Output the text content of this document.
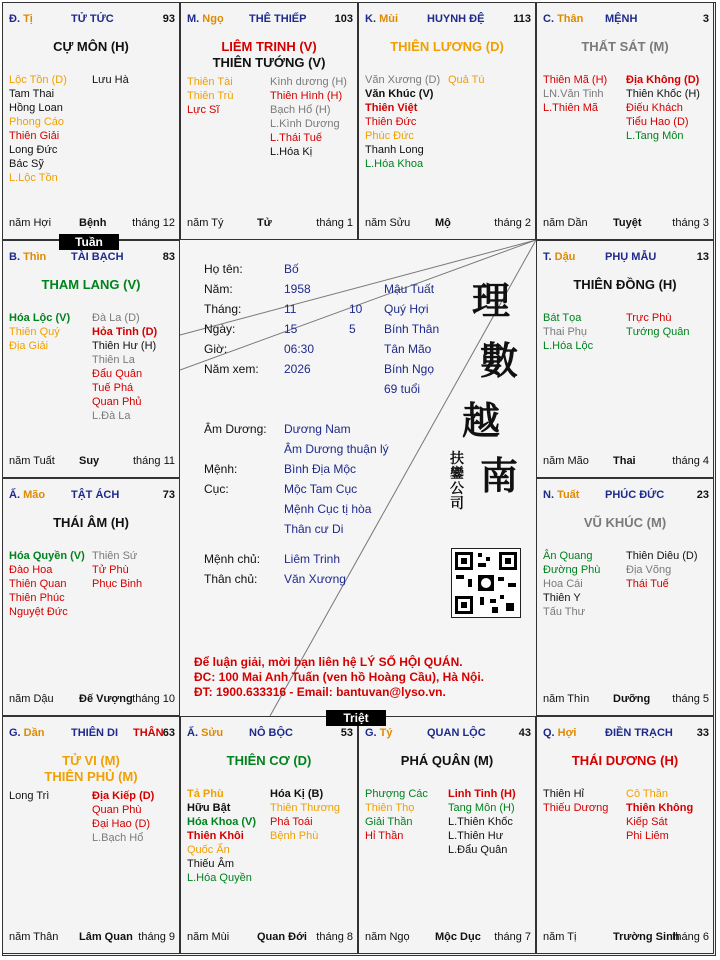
Đ. Tị	TỬ TỨC	93
CỰ MÔN (H)
Lộc Tồn (D)
Tam Thai
Hồng Loan
Phong Cáo
Thiên Giải
Long Đức
Bác Sỹ
L.Lộc Tồn
Lưu Hà
năm Hợi	Bệnh tháng 12
M. Ngọ THÊ THIẾP	103
LIÊM TRINH (V)
THIÊN TƯỚNG (V)
Thiên Tài
Thiên Trù
Lực Sĩ
Kình dương (H)
Thiên Hình (H)
Bạch Hổ (H)
L.Kình Dương
L.Thái Tuế
L.Hóa Kị
năm Tý	Tử	tháng 1
K. Mùi	HUYNH ĐỆ	113
THIÊN LƯƠNG (D)
Văn Xương (D)
Văn Khúc (V)
Thiên Việt
Thiên Đức
Phúc Đức
Thanh Long
L.Hóa Khoa
Quả Tú
năm Sửu Mộ	tháng 2
C. Thân MỆNH	3
THẤT SÁT (M)
Thiên Mã (H)
LN.Văn Tinh
L.Thiên Mã
Địa Không (D)
Thiên Khốc (H)
Điếu Khách
Tiểu Hao (D)
L.Tang Môn
năm Dần Tuyệt	tháng 3
B. Thìn TÀI BẠCH	83
THAM LANG (V)
Hóa Lộc (V)
Thiên Quý
Địa Giải
Đà La (D)
Hỏa Tinh (D)
Thiên Hư (H)
Thiên La
Đẩu Quân
Tuế Phá
Quan Phủ
L.Đà La
năm Tuất Suy	tháng 11
T. Dậu	PHỤ MẪU	13
THIÊN ĐỒNG (H)
Bát Tọa
Thai Phụ
L.Hóa Lộc
Trực Phù
Tướng Quân
năm Mão Thai	tháng 4
Ấ. Mão TẬT ÁCH	73
THÁI ÂM (H)
Hóa Quyền (V)
Đào Hoa
Thiên Quan
Thiên Phúc
Nguyệt Đức
Thiên Sứ
Tử Phù
Phục Binh
năm Dậu Đế Vượng tháng 10
N. Tuất PHÚC ĐỨC	23
VŨ KHÚC (M)
Ân Quang
Đường Phù
Hoa Cái
Thiên Y
Tấu Thư
Thiên Diêu (D)
Địa Võng
Thái Tuế
năm Thìn Dưỡng tháng 5
G. Dần THIÊN DI THÂN 63
TỬ VI (M)
THIÊN PHỦ (M)
Long Trì	Địa Kiếp (D)
Quan Phù
Đại Hao (D)
L.Bạch Hổ
năm Thân Lâm Quan tháng 9
Ấ. Sửu NÔ BỘC	53
THIÊN CƠ (D)
Tả Phù
Hữu Bật
Hóa Khoa (V)
Thiên Khôi
Quốc Ấn
Thiếu Âm
L.Hóa Quyền
Hóa Kị (B)
Thiên Thương
Phá Toái
Bệnh Phù
năm Mùi	Quan Đới tháng 8
G. Tý	QUAN LỘC	43
PHÁ QUÂN (M)
Phượng Các
Thiên Thọ
Giải Thần
Hỉ Thần
Linh Tinh (H)
Tang Môn (H)
L.Thiên Khốc
L.Thiên Hư
L.Đẩu Quân
năm Ngọ Mộc Dục tháng 7
Q. Hợi	ĐIỀN TRẠCH 33
THÁI DƯƠNG (H)
Thiên Hỉ
Thiếu Dương
Cô Thần
Thiên Không
Kiếp Sát
Phi Liêm
năm Tị	Trường Sinh
tháng 6
Họ tên:	Bố
Năm:	1958	Mậu Tuất
Tháng:	11	10 Quý Hợi
Ngày:	15	5 Bính Thân
Giờ:	06:30	Tân Mão
Năm xem: 2026	Bính Ngọ
69 tuổi
Âm Dương: Dương Nam
Âm Dương thuận lý
Mệnh:	Bình Địa Mộc
Cục:	Mộc Tam Cục
Mệnh Cục tị hòa
Thân cư Di
Mệnh chủ: Liêm Trinh
Thân chủ: Văn Xương
理
數
越
南
扶鑾公司
Để luận giải, mời bạn liên hệ LÝ SỐ HỘI QUÁN.
ĐC: 100 Mai Anh Tuấn (ven hồ Hoàng Cầu), Hà Nội.
ĐT: 1900.633316 - Email: bantuvan@lyso.vn.
Tuần
Triệt
